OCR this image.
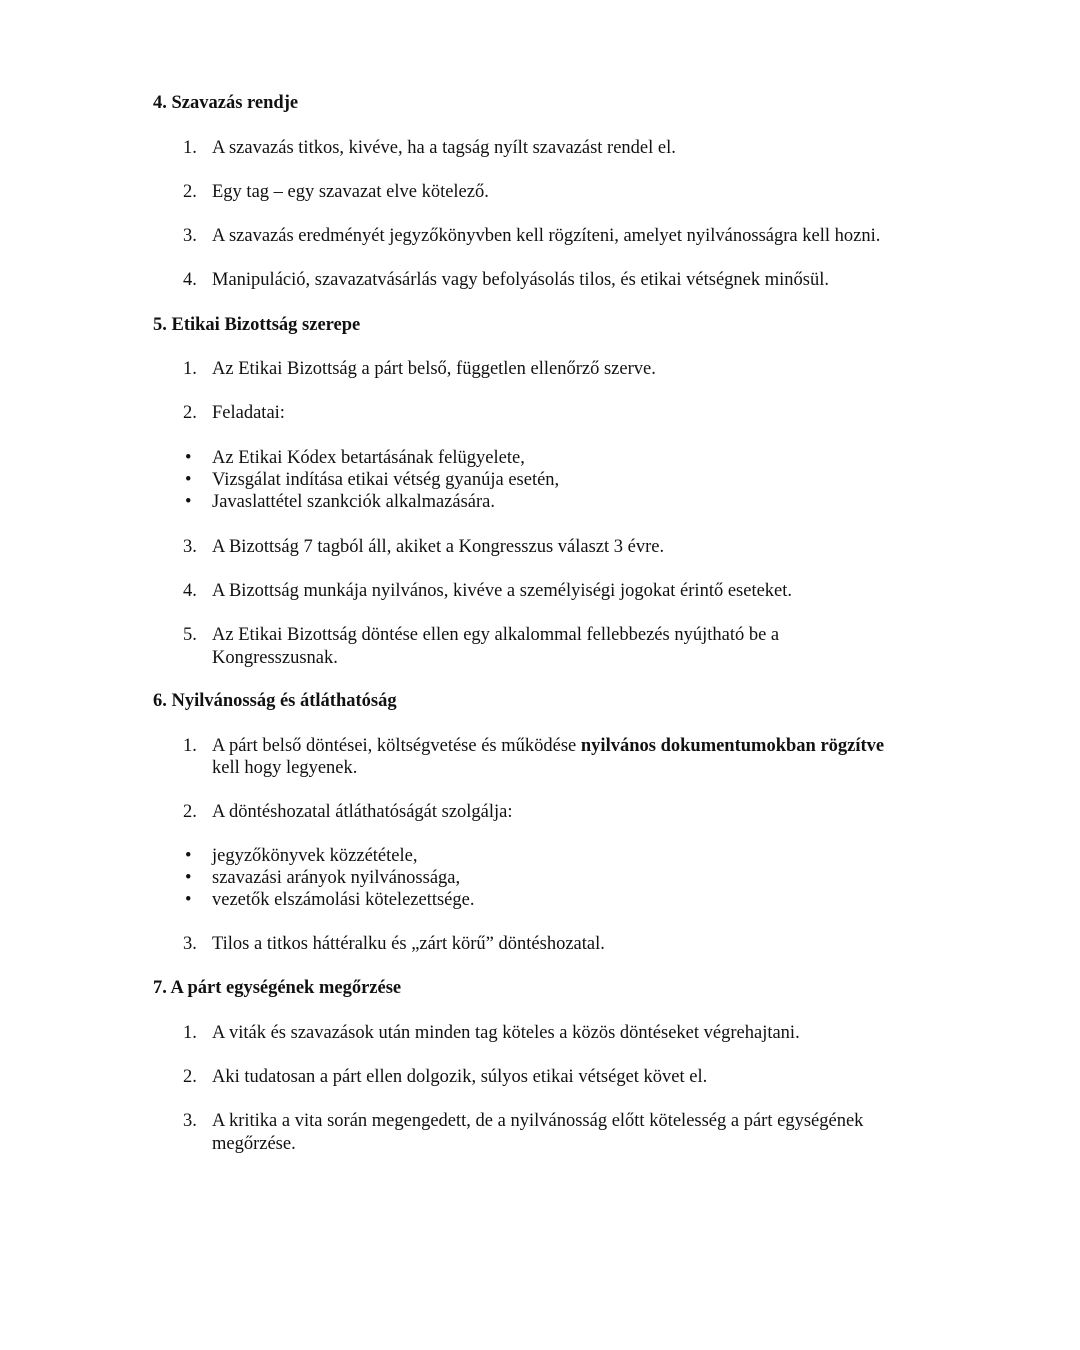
4. Szavazás rendje
1. A szavazás titkos, kivéve, ha a tagság nyílt szavazást rendel el.
2. Egy tag – egy szavazat elve kötelező.
3. A szavazás eredményét jegyzőkönyvben kell rögzíteni, amelyet nyilvánosságra kell hozni.
4. Manipuláció, szavazatvásárlás vagy befolyásolás tilos, és etikai vétségnek minősül.
5. Etikai Bizottság szerepe
1. Az Etikai Bizottság a párt belső, független ellenőrző szerve.
2. Feladatai:
• Az Etikai Kódex betartásának felügyelete,
• Vizsgálat indítása etikai vétség gyanúja esetén,
• Javaslattétel szankciók alkalmazására.
3. A Bizottság 7 tagból áll, akiket a Kongresszus választ 3 évre.
4. A Bizottság munkája nyilvános, kivéve a személyiségi jogokat érintő eseteket.
5. Az Etikai Bizottság döntése ellen egy alkalommal fellebbezés nyújtható be a
Kongresszusnak.
6. Nyilvánosság és átláthatóság
1. A párt belső döntései, költségvetése és működése nyilvános dokumentumokban rögzítve
kell hogy legyenek.
2. A döntéshozatal átláthatóságát szolgálja:
• jegyzőkönyvek közzététele,
• szavazási arányok nyilvánossága,
• vezetők elszámolási kötelezettsége.
3. Tilos a titkos háttéralku és „zárt körű” döntéshozatal.
7. A párt egységének megőrzése
1. A viták és szavazások után minden tag köteles a közös döntéseket végrehajtani.
2. Aki tudatosan a párt ellen dolgozik, súlyos etikai vétséget követ el.
3. A kritika a vita során megengedett, de a nyilvánosság előtt kötelesség a párt egységének
megőrzése.
